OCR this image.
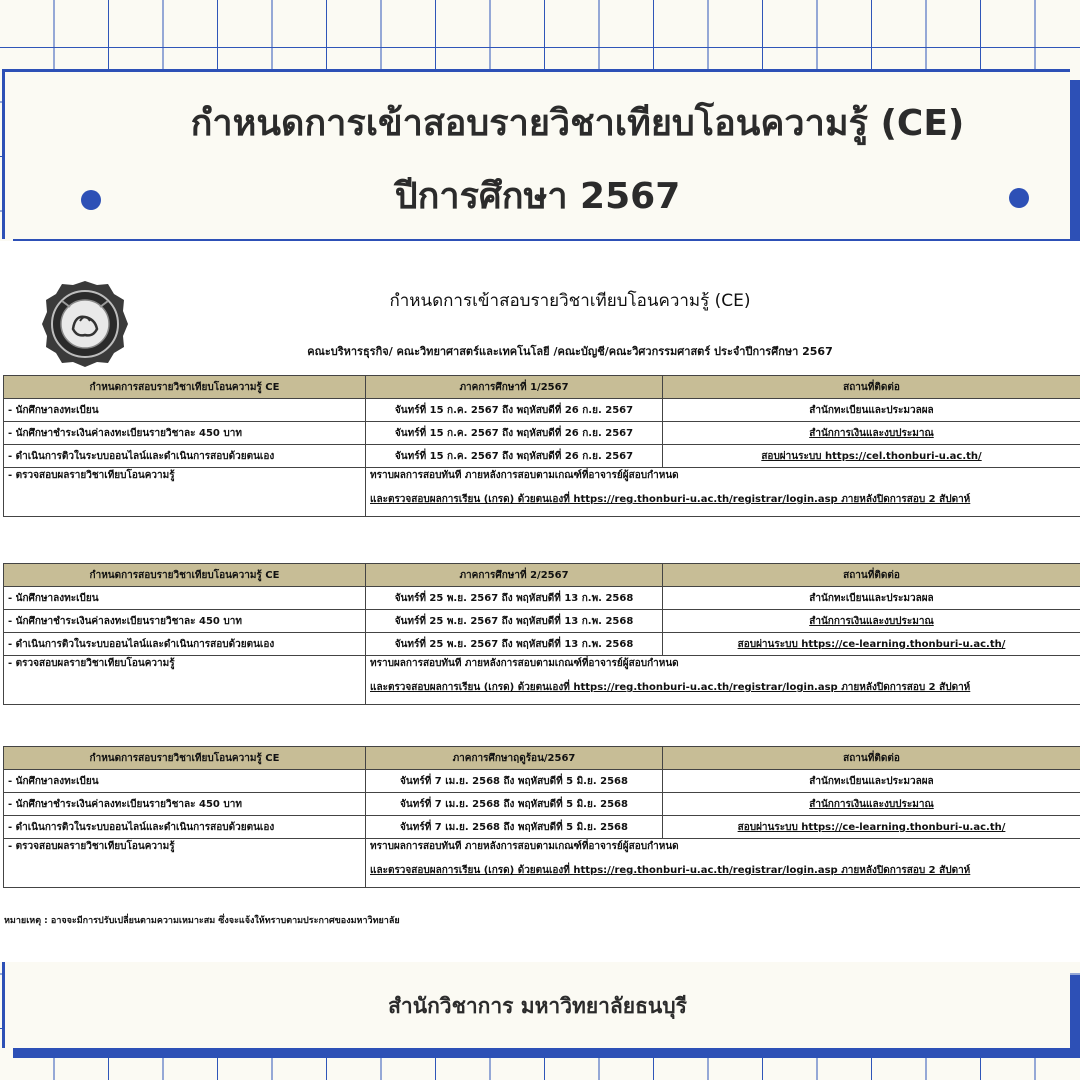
กำหนดการเข้าสอบรายวิชาเทียบโอนความรู้ (CE)
ปีการศึกษา 2567

กำหนดการเข้าสอบรายวิชาเทียบโอนความรู้ (CE)

คณะบริหารธุรกิจ/ คณะวิทยาศาสตร์และเทคโนโลยี /คณะบัญชี/คณะวิศวกรรมศาสตร์ ประจำปีการศึกษา 2567

กำหนดการสอบรายวิชาเทียบโอนความรู้ CE	ภาคการศึกษาที่ 1/2567	สถานที่ติดต่อ
- นักศึกษาลงทะเบียน	จันทร์ที่ 15 ก.ค. 2567 ถึง พฤหัสบดีที่ 26 ก.ย. 2567	สำนักทะเบียนและประมวลผล
- นักศึกษาชำระเงินค่าลงทะเบียนรายวิชาละ 450 บาท	จันทร์ที่ 15 ก.ค. 2567 ถึง พฤหัสบดีที่ 26 ก.ย. 2567	สำนักการเงินและงบประมาณ
- ดำเนินการติวในระบบออนไลน์และดำเนินการสอบด้วยตนเอง	จันทร์ที่ 15 ก.ค. 2567 ถึง พฤหัสบดีที่ 26 ก.ย. 2567	สอบผ่านระบบ https://cel.thonburi-u.ac.th/
- ตรวจสอบผลรายวิชาเทียบโอนความรู้	ทราบผลการสอบทันที ภายหลังการสอบตามเกณฑ์ที่อาจารย์ผู้สอบกำหนด
และตรวจสอบผลการเรียน (เกรด) ด้วยตนเองที่ https://reg.thonburi-u.ac.th/registrar/login.asp ภายหลังปิดการสอบ 2 สัปดาห์	
กำหนดการสอบรายวิชาเทียบโอนความรู้ CE	ภาคการศึกษาที่ 2/2567	สถานที่ติดต่อ
- นักศึกษาลงทะเบียน	จันทร์ที่ 25 พ.ย. 2567 ถึง พฤหัสบดีที่ 13 ก.พ. 2568	สำนักทะเบียนและประมวลผล
- นักศึกษาชำระเงินค่าลงทะเบียนรายวิชาละ 450 บาท	จันทร์ที่ 25 พ.ย. 2567 ถึง พฤหัสบดีที่ 13 ก.พ. 2568	สำนักการเงินและงบประมาณ
- ดำเนินการติวในระบบออนไลน์และดำเนินการสอบด้วยตนเอง	จันทร์ที่ 25 พ.ย. 2567 ถึง พฤหัสบดีที่ 13 ก.พ. 2568	สอบผ่านระบบ https://ce-learning.thonburi-u.ac.th/
- ตรวจสอบผลรายวิชาเทียบโอนความรู้	ทราบผลการสอบทันที ภายหลังการสอบตามเกณฑ์ที่อาจารย์ผู้สอบกำหนด
และตรวจสอบผลการเรียน (เกรด) ด้วยตนเองที่ https://reg.thonburi-u.ac.th/registrar/login.asp ภายหลังปิดการสอบ 2 สัปดาห์	
กำหนดการสอบรายวิชาเทียบโอนความรู้ CE	ภาคการศึกษาฤดูร้อน/2567	สถานที่ติดต่อ
- นักศึกษาลงทะเบียน	จันทร์ที่ 7 เม.ย. 2568 ถึง พฤหัสบดีที่ 5 มิ.ย. 2568	สำนักทะเบียนและประมวลผล
- นักศึกษาชำระเงินค่าลงทะเบียนรายวิชาละ 450 บาท	จันทร์ที่ 7 เม.ย. 2568 ถึง พฤหัสบดีที่ 5 มิ.ย. 2568	สำนักการเงินและงบประมาณ
- ดำเนินการติวในระบบออนไลน์และดำเนินการสอบด้วยตนเอง	จันทร์ที่ 7 เม.ย. 2568 ถึง พฤหัสบดีที่ 5 มิ.ย. 2568	สอบผ่านระบบ https://ce-learning.thonburi-u.ac.th/
- ตรวจสอบผลรายวิชาเทียบโอนความรู้	ทราบผลการสอบทันที ภายหลังการสอบตามเกณฑ์ที่อาจารย์ผู้สอบกำหนด
และตรวจสอบผลการเรียน (เกรด) ด้วยตนเองที่ https://reg.thonburi-u.ac.th/registrar/login.asp ภายหลังปิดการสอบ 2 สัปดาห์	

หมายเหตุ : อาจจะมีการปรับเปลี่ยนตามความเหมาะสม ซึ่งจะแจ้งให้ทราบตามประกาศของมหาวิทยาลัย

สำนักวิชาการ มหาวิทยาลัยธนบุรี
